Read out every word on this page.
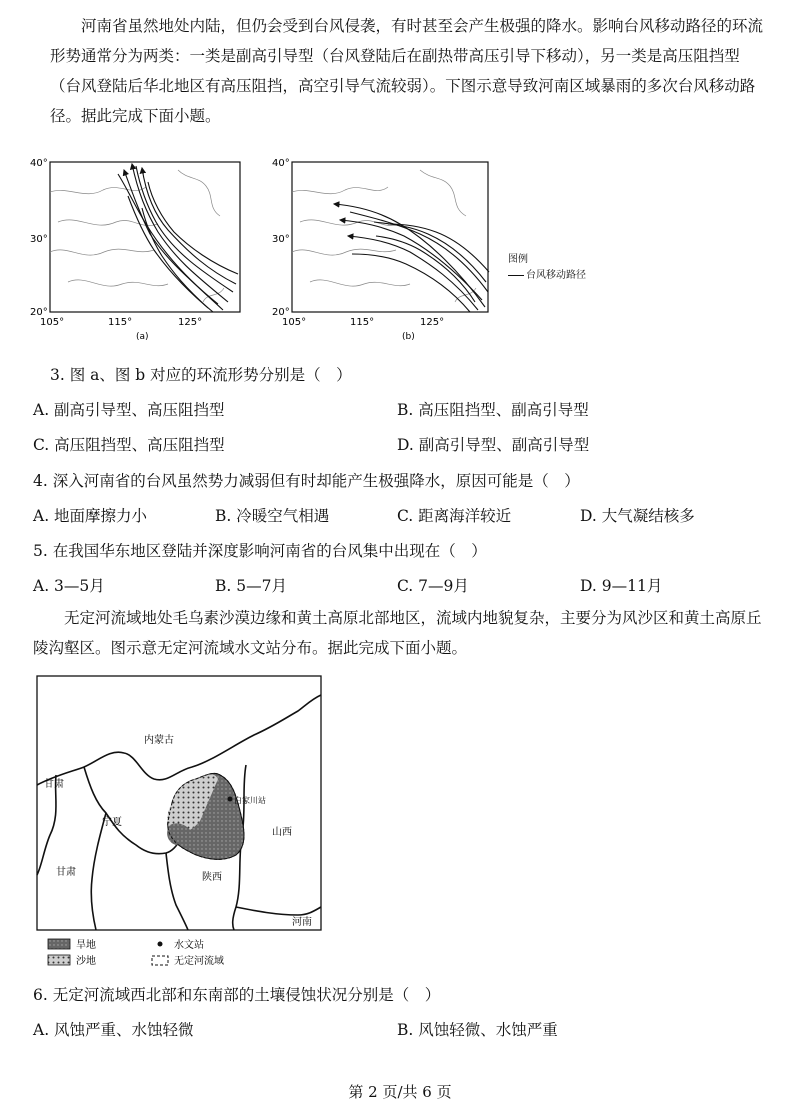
河南省虽然地处内陆，但仍会受到台风侵袭，有时甚至会产生极强的降水。影响台风移动路径的环流形势通常分为两类：一类是副高引导型（台风登陆后在副热带高压引导下移动），另一类是高压阻挡型（台风登陆后华北地区有高压阻挡，高空引导气流较弱）。下图示意导致河南区域暴雨的多次台风移动路径。据此完成下面小题。

40°
30°
20°
105°	115°	125°
(a)
40°
30°
20°
105°	115°	125°
(b)
图例
台风移动路径

3. 图 a、图 b 对应的环流形势分别是（　）

A. 副高引导型、高压阻挡型	B. 高压阻挡型、副高引导型
C. 高压阻挡型、高压阻挡型	D. 副高引导型、副高引导型

4. 深入河南省的台风虽然势力减弱但有时却能产生极强降水，原因可能是（　）

A. 地面摩擦力小	B. 冷暖空气相遇	C. 距离海洋较近	D. 大气凝结核多

5. 在我国华东地区登陆并深度影响河南省的台风集中出现在（　）

A. 3—5月	B. 5—7月	C. 7—9月	D. 9—11月

无定河流域地处毛乌素沙漠边缘和黄土高原北部地区，流域内地貌复杂，主要分为风沙区和黄土高原丘陵沟壑区。图示意无定河流域水文站分布。据此完成下面小题。

内蒙古
甘肃
宁夏
山西
陕西
甘肃
河南
白家川站
旱地
沙地
水文站
无定河流域

6. 无定河流域西北部和东南部的土壤侵蚀状况分别是（　）

A. 风蚀严重、水蚀轻微	B. 风蚀轻微、水蚀严重
第 2 页/共 6 页
